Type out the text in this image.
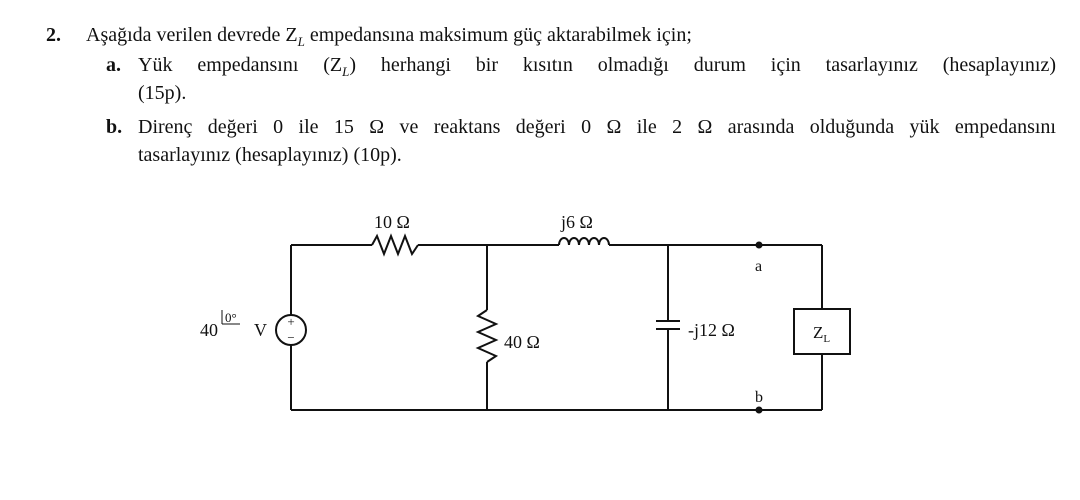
2. Aşağıda verilen devrede $Z_L$ empedansına maksimum güç aktarabilmek için;
a. Yük empedansını $(Z_L)$ herhangi bir kısıtın olmadığı durum için tasarlayınız (hesaplayınız)
(15p).
b. Direnç değeri 0 ile 15 Ω ve reaktans değeri 0 Ω ile 2 Ω arasında olduğunda yük empedansını
tasarlayınız (hesaplayınız) (10p).
+
−
40
0°
V
10 Ω	j6 Ω
40 Ω
-j12 Ω
a
b
$Z_L$
